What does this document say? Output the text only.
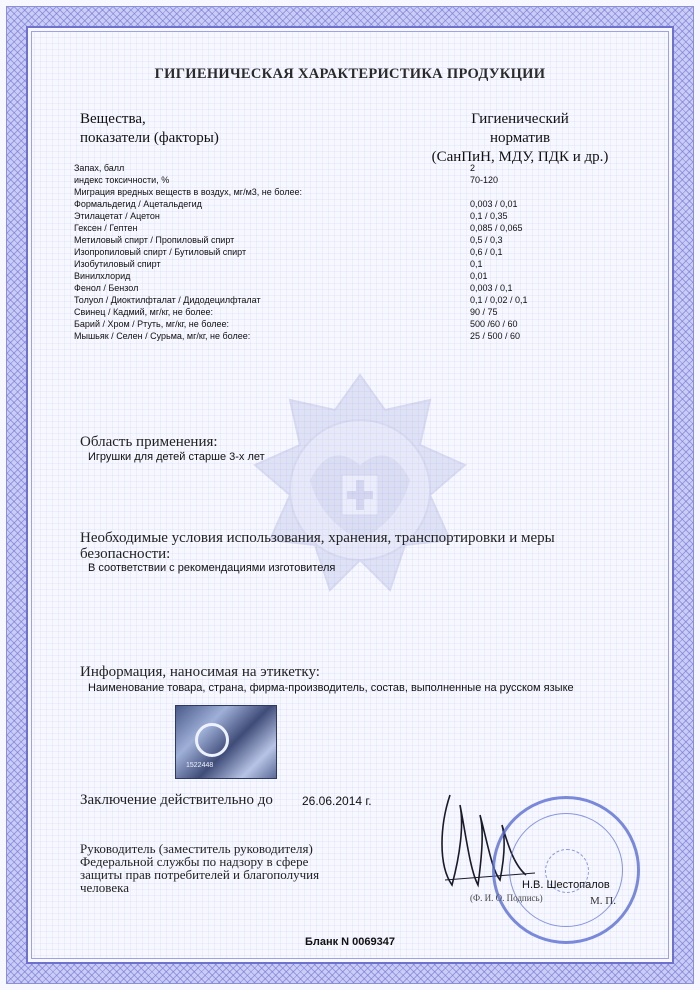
ГИГИЕНИЧЕСКАЯ ХАРАКТЕРИСТИКА ПРОДУКЦИИ
Вещества,
показатели (факторы)
Гигиенический
норматив
(СанПиН, МДУ, ПДК и др.)
Запах, балл	2
индекс токсичности, %	70-120
Миграция вредных веществ в воздух, мг/м3, не более:	
Формальдегид / Ацетальдегид	0,003 / 0,01
Этилацетат / Ацетон	0,1 / 0,35
Гексен / Гептен	0,085 / 0,065
Метиловый спирт / Пропиловый спирт	0,5 / 0,3
Изопропиловый спирт / Бутиловый спирт	0,6 / 0,1
Изобутиловый спирт	0,1
Винилхлорид	0,01
Фенол / Бензол	0,003 / 0,1
Толуол / Диоктилфталат / Дидодецилфталат	0,1 / 0,02 / 0,1
Свинец / Кадмий, мг/кг, не более:	90 / 75
Барий / Хром / Ртуть, мг/кг, не более:	500 /60 / 60
Мышьяк / Селен / Сурьма, мг/кг, не более:	25 / 500 / 60
Область применения:
Игрушки для детей старше 3-х лет
Необходимые условия использования, хранения, транспортировки и меры
безопасности:
В соответствии с рекомендациями изготовителя
Информация, наносимая на этикетку:
Наименование товара, страна, фирма-производитель, состав, выполненные на русском языке
1522448
Заключение действительно до 26.06.2014 г.
Руководитель (заместитель руководителя)
Федеральной службы по надзору в сфере
защиты прав потребителей и благополучия
человека	Н.В. Шестопалов
(Ф. И. О. Подпись)	М. П.
Бланк N 0069347
